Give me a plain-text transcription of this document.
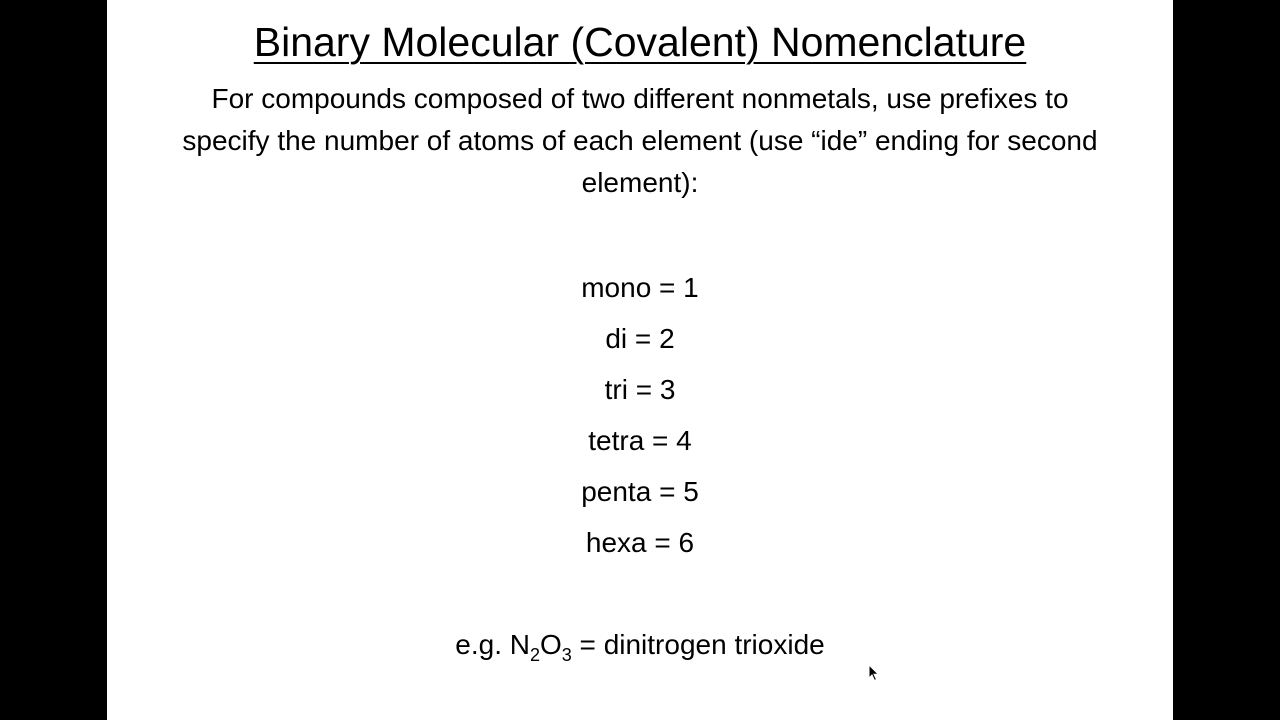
Binary Molecular (Covalent) Nomenclature
For compounds composed of two different nonmetals, use prefixes to specify the number of atoms of each element (use “ide” ending for second element):
mono = 1
di = 2
tri = 3
tetra = 4
penta = 5
hexa = 6
e.g. $N_2O_3$ = dinitrogen trioxide
